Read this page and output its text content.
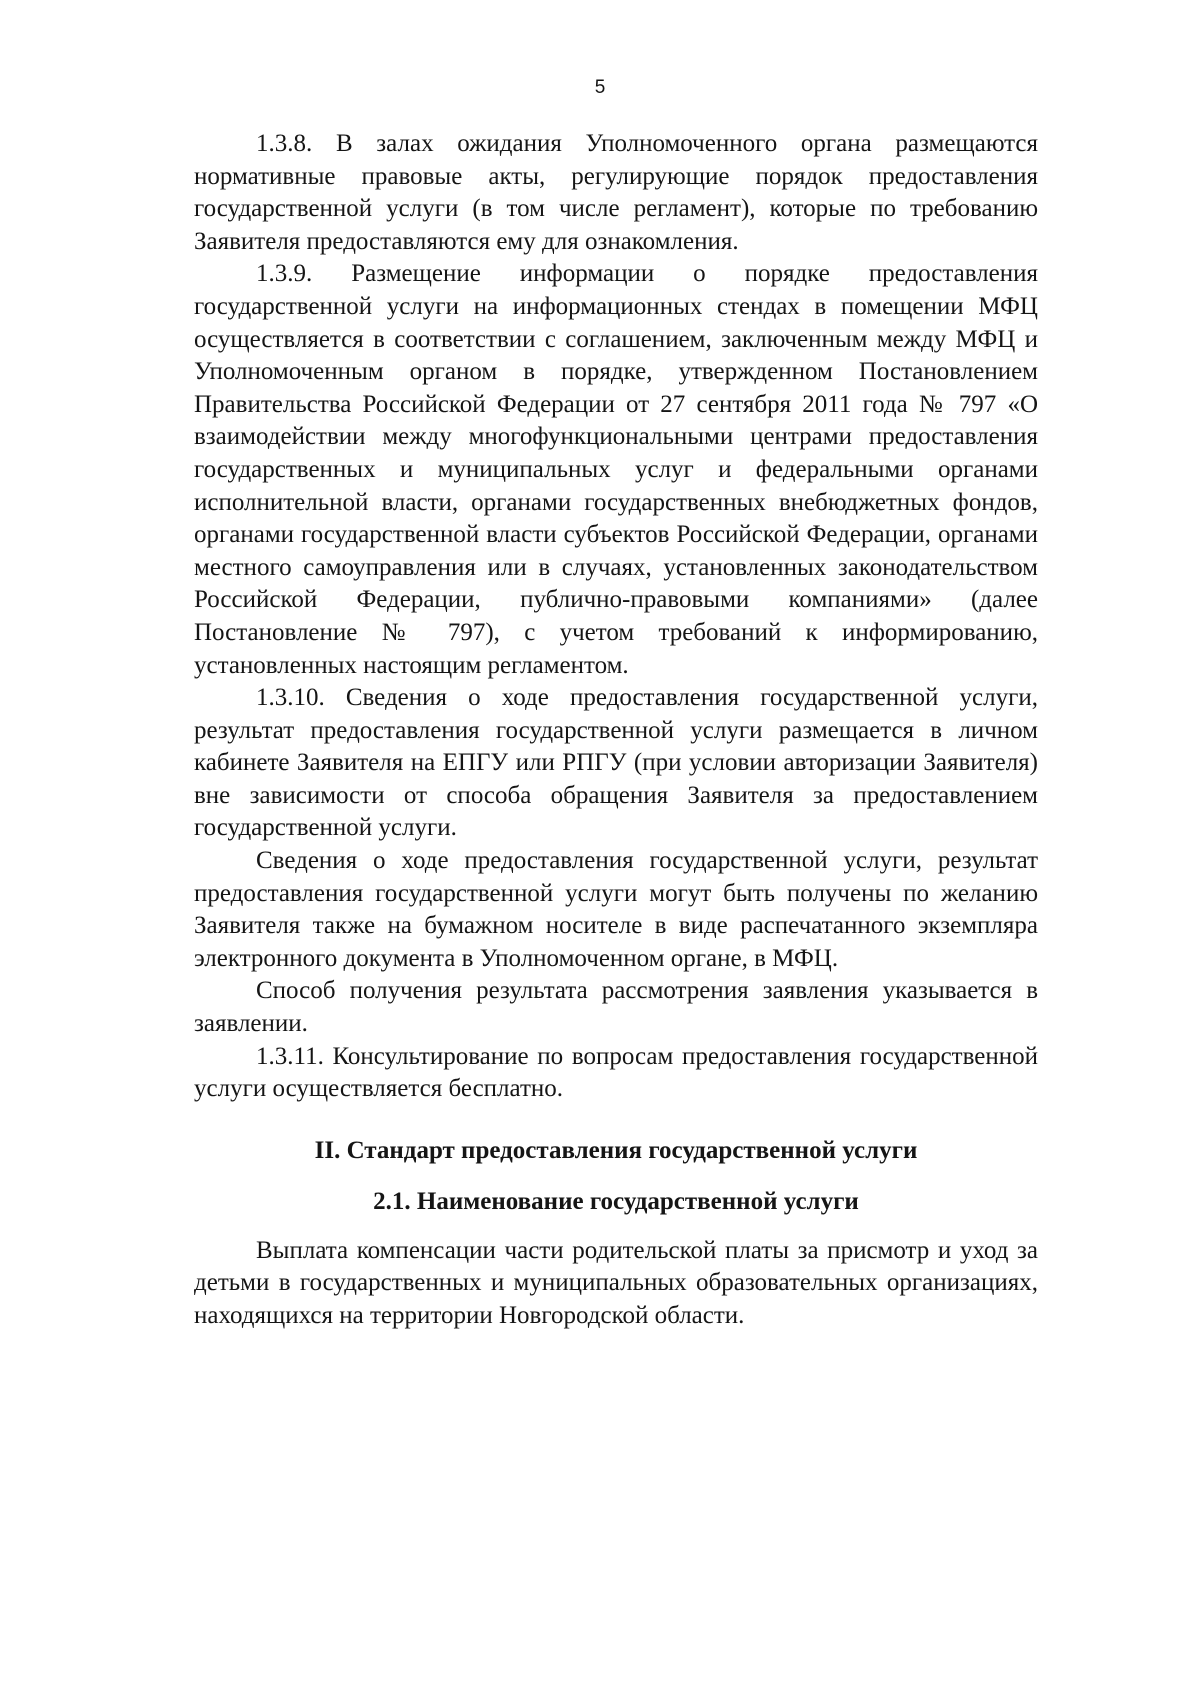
5

1.3.8. В залах ожидания Уполномоченного органа размещаются нормативные правовые акты, регулирующие порядок предоставления государственной услуги (в том числе регламент), которые по требованию Заявителя предоставляются ему для ознакомления.

1.3.9. Размещение информации о порядке предоставления государственной услуги на информационных стендах в помещении МФЦ осуществляется в соответствии с соглашением, заключенным между МФЦ и Уполномоченным органом в порядке, утвержденном Постановлением Правительства Российской Федерации от 27 сентября 2011 года № 797 «О взаимодействии между многофункциональными центрами предоставления государственных и муниципальных услуг и федеральными органами исполнительной власти, органами государственных внебюджетных фондов, органами государственной власти субъектов Российской Федерации, органами местного самоуправления или в случаях, установленных законодательством Российской Федерации, публично-правовыми компаниями» (далее Постановление № 797), с учетом требований к информированию, установленных настоящим регламентом.

1.3.10. Сведения о ходе предоставления государственной услуги, результат предоставления государственной услуги размещается в личном кабинете Заявителя на ЕПГУ или РПГУ (при условии авторизации Заявителя) вне зависимости от способа обращения Заявителя за предоставлением государственной услуги.

Сведения о ходе предоставления государственной услуги, результат предоставления государственной услуги могут быть получены по желанию Заявителя также на бумажном носителе в виде распечатанного экземпляра электронного документа в Уполномоченном органе, в МФЦ.

Способ получения результата рассмотрения заявления указывается в заявлении.

1.3.11. Консультирование по вопросам предоставления государственной услуги осуществляется бесплатно.

II. Стандарт предоставления государственной услуги

2.1. Наименование государственной услуги

Выплата компенсации части родительской платы за присмотр и уход за детьми в государственных и муниципальных образовательных организациях, находящихся на территории Новгородской области.
